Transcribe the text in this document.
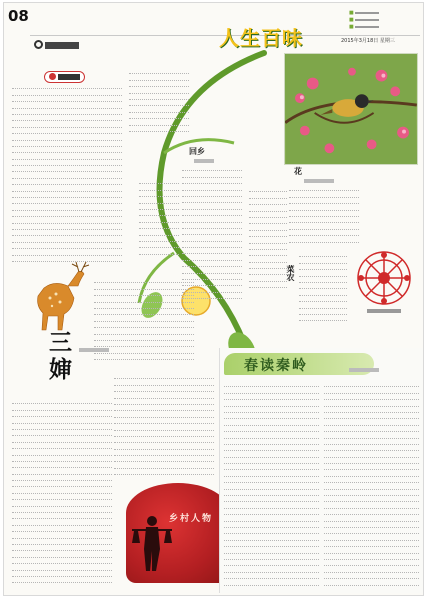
08
人生百味
■
■
■	2015年3月18日 星期三
回乡
花
菜农
三婶
乡村人物
春读秦岭
